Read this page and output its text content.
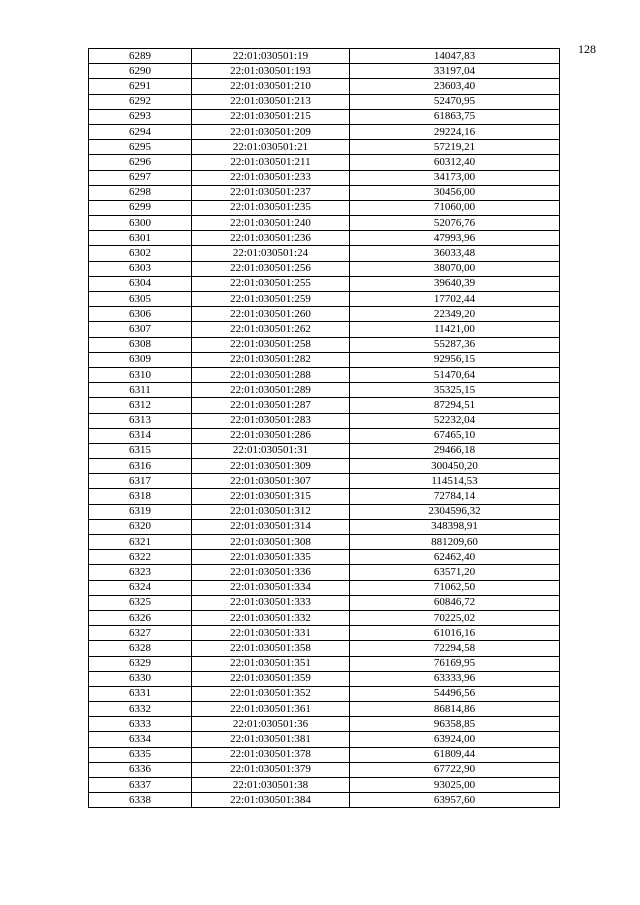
128
6289	22:01:030501:19	14047,83
6290	22:01:030501:193	33197,04
6291	22:01:030501:210	23603,40
6292	22:01:030501:213	52470,95
6293	22:01:030501:215	61863,75
6294	22:01:030501:209	29224,16
6295	22:01:030501:21	57219,21
6296	22:01:030501:211	60312,40
6297	22:01:030501:233	34173,00
6298	22:01:030501:237	30456,00
6299	22:01:030501:235	71060,00
6300	22:01:030501:240	52076,76
6301	22:01:030501:236	47993,96
6302	22:01:030501:24	36033,48
6303	22:01:030501:256	38070,00
6304	22:01:030501:255	39640,39
6305	22:01:030501:259	17702,44
6306	22:01:030501:260	22349,20
6307	22:01:030501:262	11421,00
6308	22:01:030501:258	55287,36
6309	22:01:030501:282	92956,15
6310	22:01:030501:288	51470,64
6311	22:01:030501:289	35325,15
6312	22:01:030501:287	87294,51
6313	22:01:030501:283	52232,04
6314	22:01:030501:286	67465,10
6315	22:01:030501:31	29466,18
6316	22:01:030501:309	300450,20
6317	22:01:030501:307	114514,53
6318	22:01:030501:315	72784,14
6319	22:01:030501:312	2304596,32
6320	22:01:030501:314	348398,91
6321	22:01:030501:308	881209,60
6322	22:01:030501:335	62462,40
6323	22:01:030501:336	63571,20
6324	22:01:030501:334	71062,50
6325	22:01:030501:333	60846,72
6326	22:01:030501:332	70225,02
6327	22:01:030501:331	61016,16
6328	22:01:030501:358	72294,58
6329	22:01:030501:351	76169,95
6330	22:01:030501:359	63333,96
6331	22:01:030501:352	54496,56
6332	22:01:030501:361	86814,86
6333	22:01:030501:36	96358,85
6334	22:01:030501:381	63924,00
6335	22:01:030501:378	61809,44
6336	22:01:030501:379	67722,90
6337	22:01:030501:38	93025,00
6338	22:01:030501:384	63957,60
